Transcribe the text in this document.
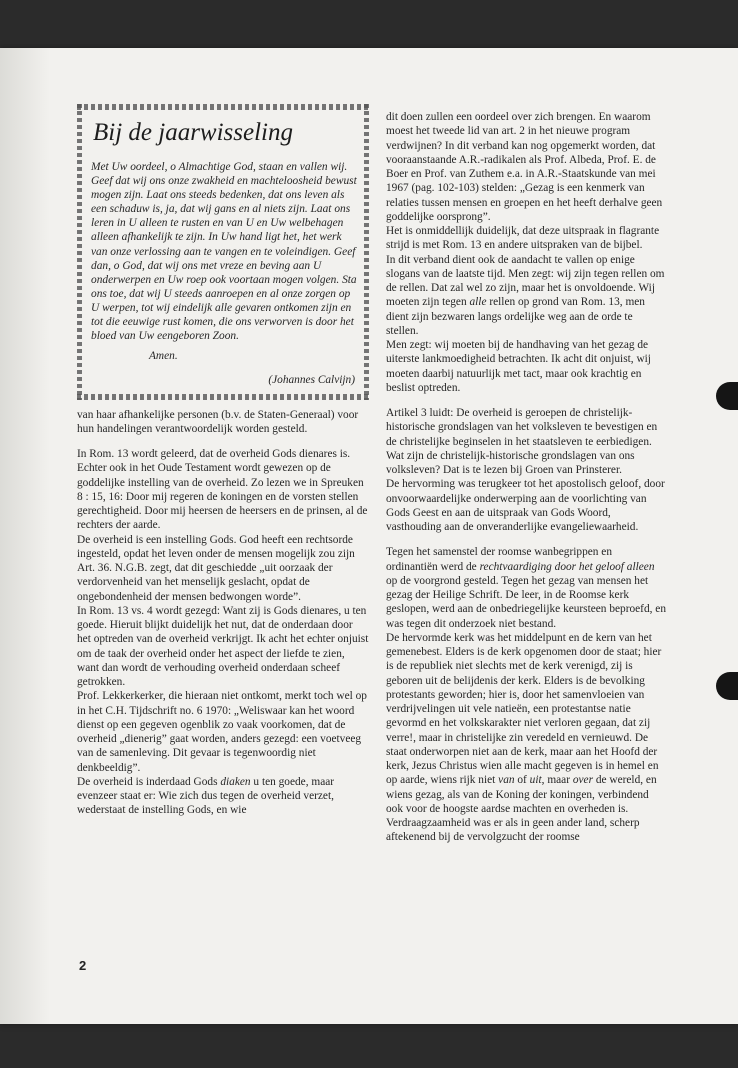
Bij de jaarwisseling

Met Uw oordeel, o Almachtige God, staan en vallen wij. Geef dat wij ons onze zwakheid en machteloosheid bewust mogen zijn. Laat ons steeds bedenken, dat ons leven als een schaduw is, ja, dat wij gans en al niets zijn. Laat ons leren in U alleen te rusten en van U en Uw welbehagen alleen afhankelijk te zijn. In Uw hand ligt het, het werk van onze verlossing aan te vangen en te voleindigen. Geef dan, o God, dat wij ons met vreze en beving aan U onderwerpen en Uw roep ook voortaan mogen volgen. Sta ons toe, dat wij U steeds aanroepen en al onze zorgen op U werpen, tot wij eindelijk alle gevaren ontkomen zijn en tot die eeuwige rust komen, die ons verworven is door het bloed van Uw eengeboren Zoon.

Amen.
(Johannes Calvijn)

van haar afhankelijke personen (b.v. de Staten-Generaal) voor hun handelingen verantwoordelijk worden gesteld.

In Rom. 13 wordt geleerd, dat de overheid Gods dienares is. Echter ook in het Oude Testament wordt gewezen op de goddelijke instelling van de overheid. Zo lezen we in Spreuken 8 : 15, 16: Door mij regeren de koningen en de vorsten stellen gerechtigheid. Door mij heersen de heersers en de prinsen, al de rechters der aarde.

De overheid is een instelling Gods. God heeft een rechtsorde ingesteld, opdat het leven onder de mensen mogelijk zou zijn Art. 36. N.G.B. zegt, dat dit geschiedde „uit oorzaak der verdorvenheid van het menselijk geslacht, opdat de ongebondenheid der mensen bedwongen worde”.

In Rom. 13 vs. 4 wordt gezegd: Want zij is Gods dienares, u ten goede. Hieruit blijkt duidelijk het nut, dat de onderdaan door het optreden van de overheid verkrijgt. Ik acht het echter onjuist om de taak der overheid onder het aspect der liefde te zien, want dan wordt de verhouding overheid onderdaan scheef getrokken.

Prof. Lekkerkerker, die hieraan niet ontkomt, merkt toch wel op in het C.H. Tijdschrift no. 6 1970: „Weliswaar kan het woord dienst op een gegeven ogenblik zo vaak voorkomen, dat de overheid „dienerig” gaat worden, anders gezegd: een voetveeg van de samenleving. Dit gevaar is tegenwoordig niet denkbeeldig”.

De overheid is inderdaad Gods diaken u ten goede, maar evenzeer staat er: Wie zich dus tegen de overheid verzet, wederstaat de instelling Gods, en wie

dit doen zullen een oordeel over zich brengen. En waarom moest het tweede lid van art. 2 in het nieuwe program verdwijnen? In dit verband kan nog opgemerkt worden, dat vooraanstaande A.R.-radikalen als Prof. Albeda, Prof. E. de Boer en Prof. van Zuthem e.a. in A.R.-Staatskunde van mei 1967 (pag. 102-103) stelden: „Gezag is een kenmerk van relaties tussen mensen en groepen en het heeft derhalve geen goddelijke oorsprong”.

Het is onmiddellijk duidelijk, dat deze uitspraak in flagrante strijd is met Rom. 13 en andere uitspraken van de bijbel.

In dit verband dient ook de aandacht te vallen op enige slogans van de laatste tijd. Men zegt: wij zijn tegen rellen om de rellen. Dat zal wel zo zijn, maar het is onvoldoende. Wij moeten zijn tegen alle rellen op grond van Rom. 13, men dient zijn bezwaren langs ordelijke weg aan de orde te stellen.

Men zegt: wij moeten bij de handhaving van het gezag de uiterste lankmoedigheid betrachten. Ik acht dit onjuist, wij moeten daarbij natuurlijk met tact, maar ook krachtig en beslist optreden.

Artikel 3 luidt: De overheid is geroepen de christelijk-historische grondslagen van het volksleven te bevestigen en de christelijke beginselen in het staatsleven te eerbiedigen.

Wat zijn de christelijk-historische grondslagen van ons volksleven? Dat is te lezen bij Groen van Prinsterer.

De hervorming was terugkeer tot het apostolisch geloof, door onvoorwaardelijke onderwerping aan de voorlichting van Gods Geest en aan de uitspraak van Gods Woord, vasthouding aan de onveranderlijke evangeliewaarheid.

Tegen het samenstel der roomse wanbegrippen en ordinantiën werd de rechtvaardiging door het geloof alleen op de voorgrond gesteld. Tegen het gezag van mensen het gezag der Heilige Schrift. De leer, in de Roomse kerk geslopen, werd aan de onbedriegelijke keursteen beproefd, en was tegen dit onderzoek niet bestand.

De hervormde kerk was het middelpunt en de kern van het gemenebest. Elders is de kerk opgenomen door de staat; hier is de republiek niet slechts met de kerk verenigd, zij is geboren uit de belijdenis der kerk. Elders is de bevolking protestants geworden; hier is, door het samenvloeien van verdrijvelingen uit vele natieën, een protestantse natie gevormd en het volkskarakter niet verloren gegaan, dat zij verre!, maar in christelijke zin veredeld en vernieuwd. De staat onderworpen niet aan de kerk, maar aan het Hoofd der kerk, Jezus Christus wien alle macht gegeven is in hemel en op aarde, wiens rijk niet van of uit, maar over de wereld, en wiens gezag, als van de Koning der koningen, verbindend ook voor de hoogste aardse machten en overheden is.

Verdraagzaamheid was er als in geen ander land, scherp aftekenend bij de vervolgzucht der roomse

2
